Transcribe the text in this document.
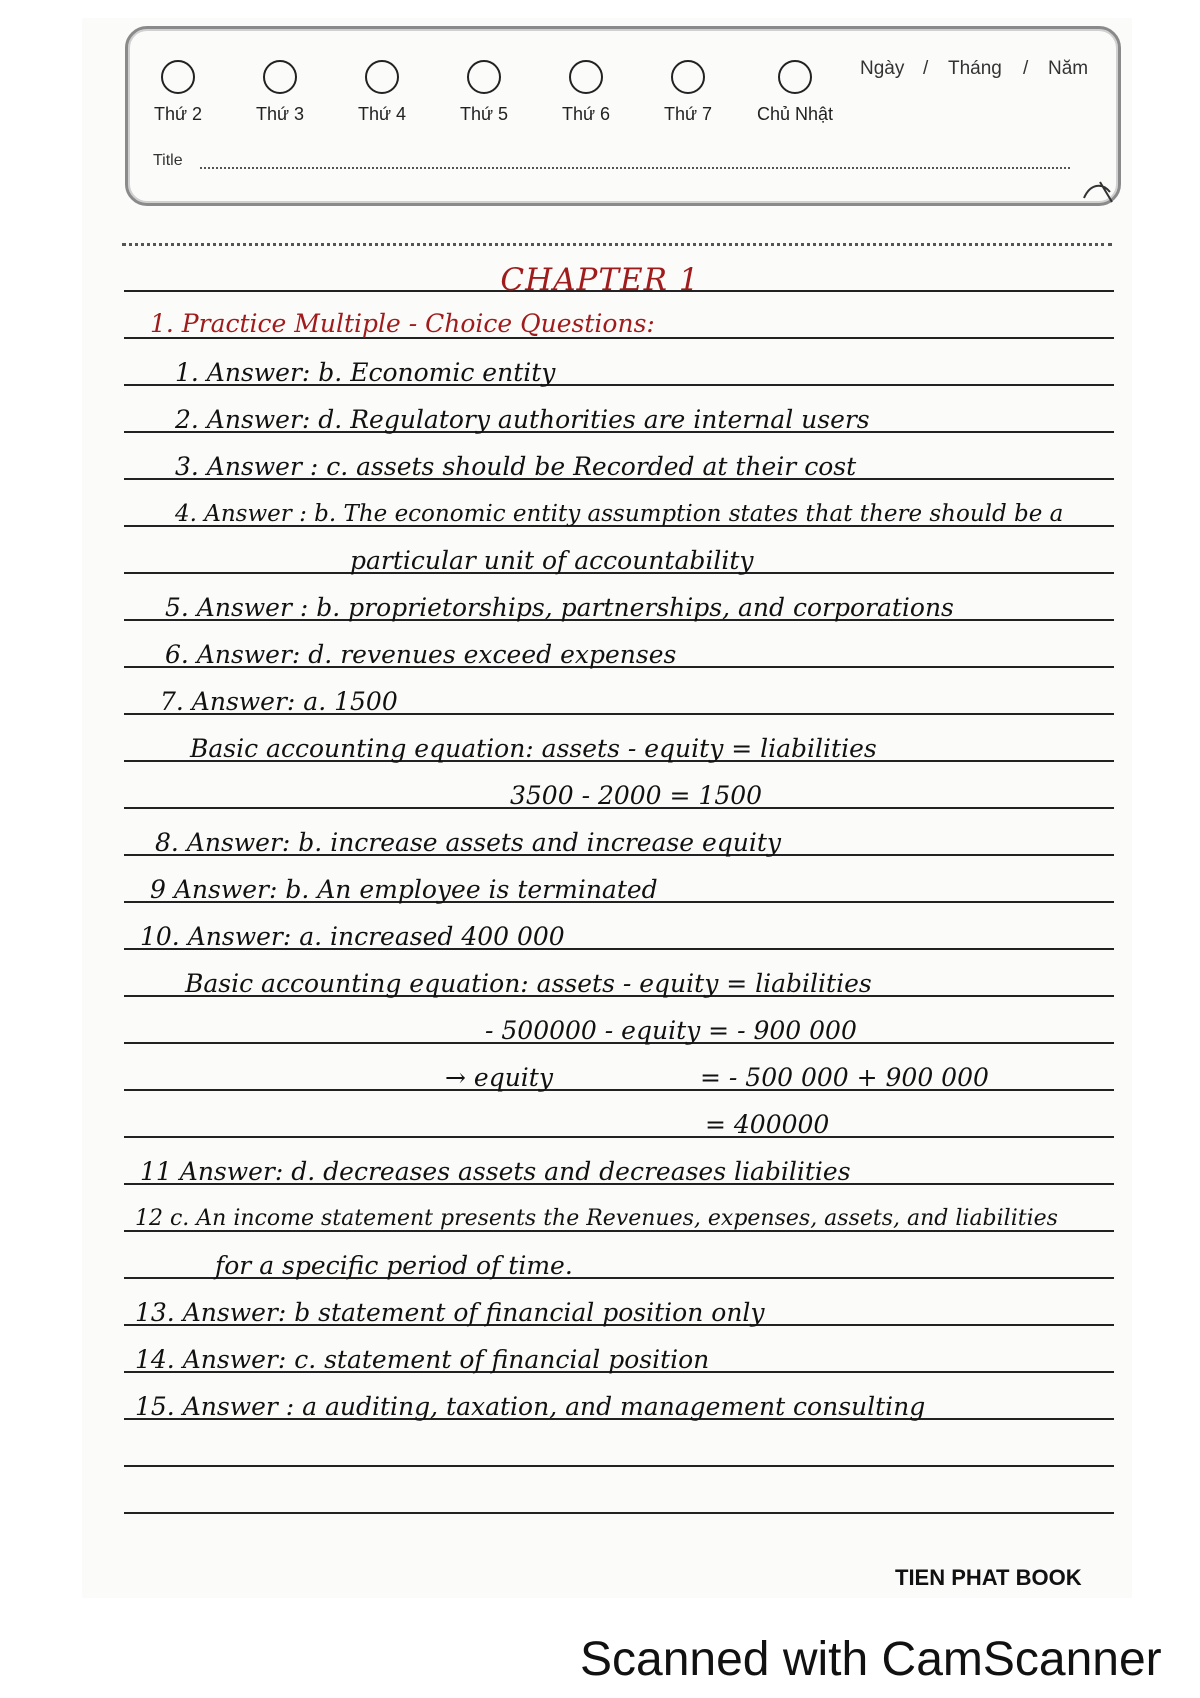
Thứ 2	Thứ 3	Thứ 4	Thứ 5	Thứ 6	Thứ 7	Chủ Nhật
Ngày / Tháng / Năm
Title
CHAPTER 1
1. Practice Multiple - Choice Questions:
1. Answer: b. Economic entity
2. Answer: d. Regulatory authorities are internal users
3. Answer : c. assets should be Recorded at their cost
4. Answer : b. The economic entity assumption states that there should be a
particular unit of accountability
5. Answer : b. proprietorships, partnerships, and corporations
6. Answer: d. revenues exceed expenses
7. Answer: a. 1500
Basic accounting equation: assets - equity = liabilities
3500 - 2000 = 1500
8. Answer: b. increase assets and increase equity
9 Answer: b. An employee is terminated
10. Answer: a. increased 400 000
Basic accounting equation: assets - equity = liabilities
- 500000 - equity = - 900 000
→ equity	= - 500 000 + 900 000
= 400000
11 Answer: d. decreases assets and decreases liabilities
12 c. An income statement presents the Revenues, expenses, assets, and liabilities
for a specific period of time.
13. Answer: b statement of financial position only
14. Answer: c. statement of financial position
15. Answer : a auditing, taxation, and management consulting
TIEN PHAT BOOK
Scanned with CamScanner
